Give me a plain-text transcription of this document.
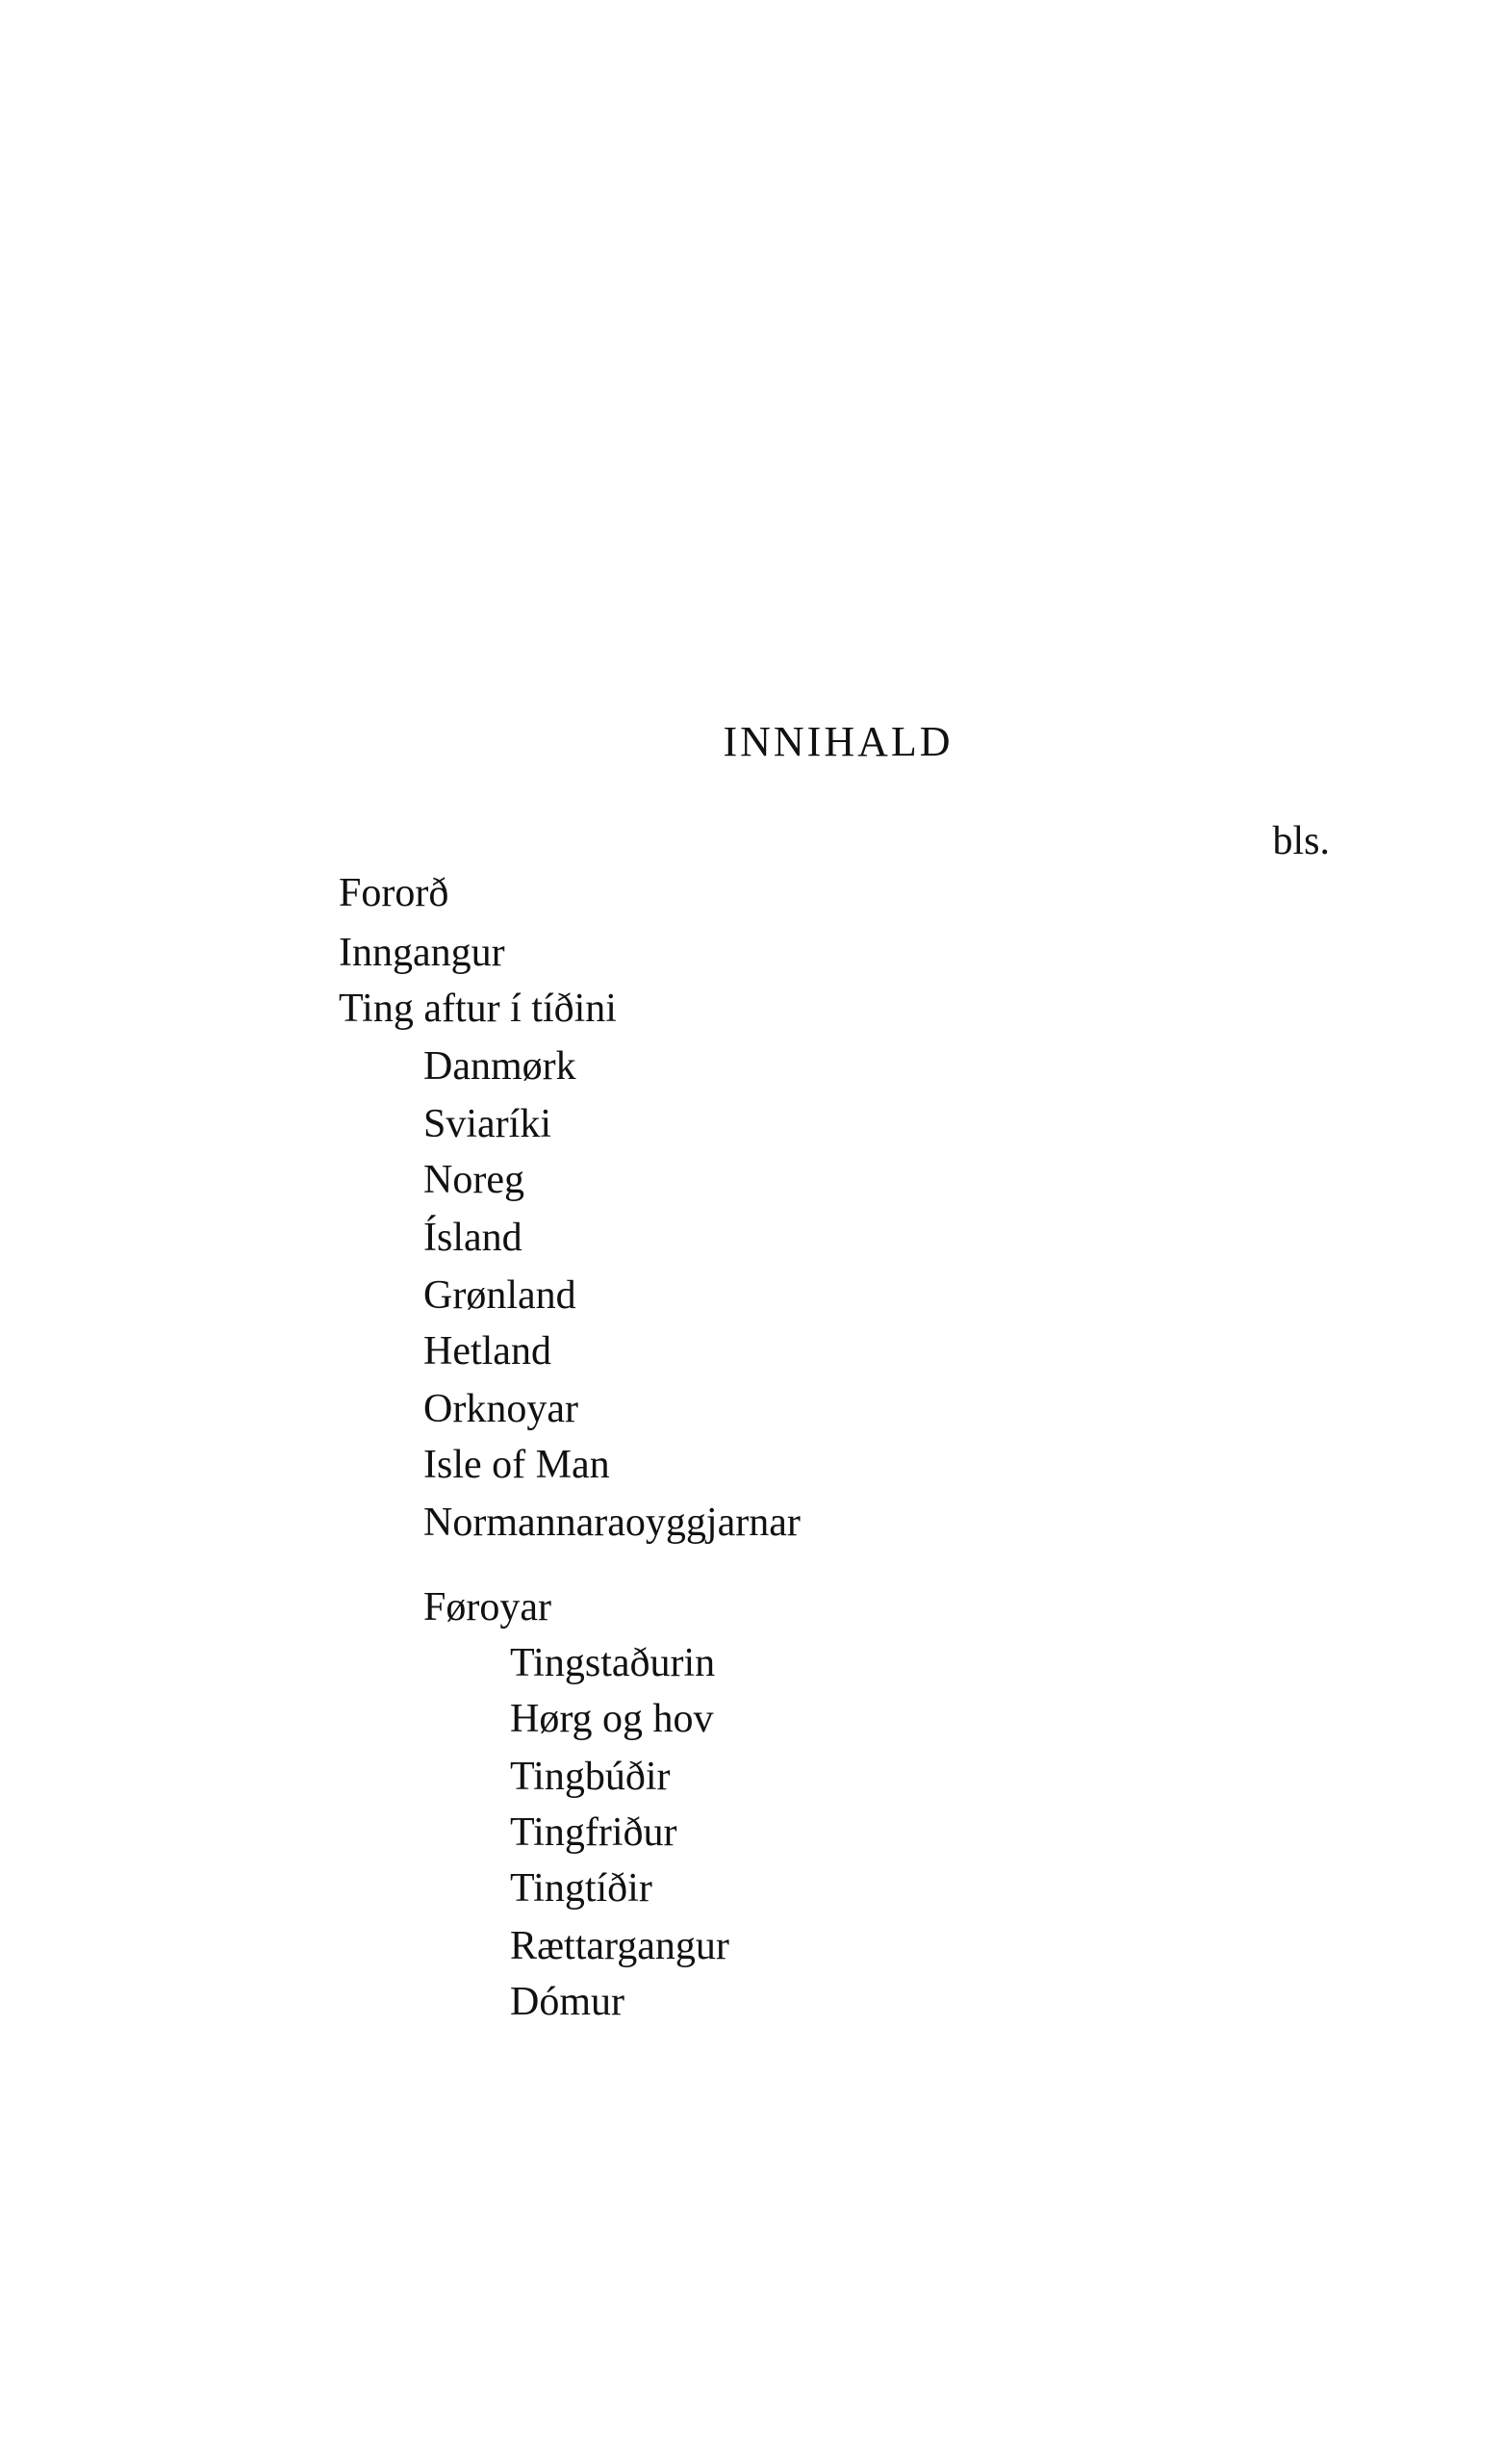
INNIHALD
bls.
Fororð
Inngangur
Ting aftur í tíðini
Danmørk
Sviaríki
Noreg
Ísland
Grønland
Hetland
Orknoyar
Isle of Man
Normannaraoyggjarnar
Føroyar
Tingstaðurin
Hørg og hov
Tingbúðir
Tingfriður
Tingtíðir
Rættargangur
Dómur
